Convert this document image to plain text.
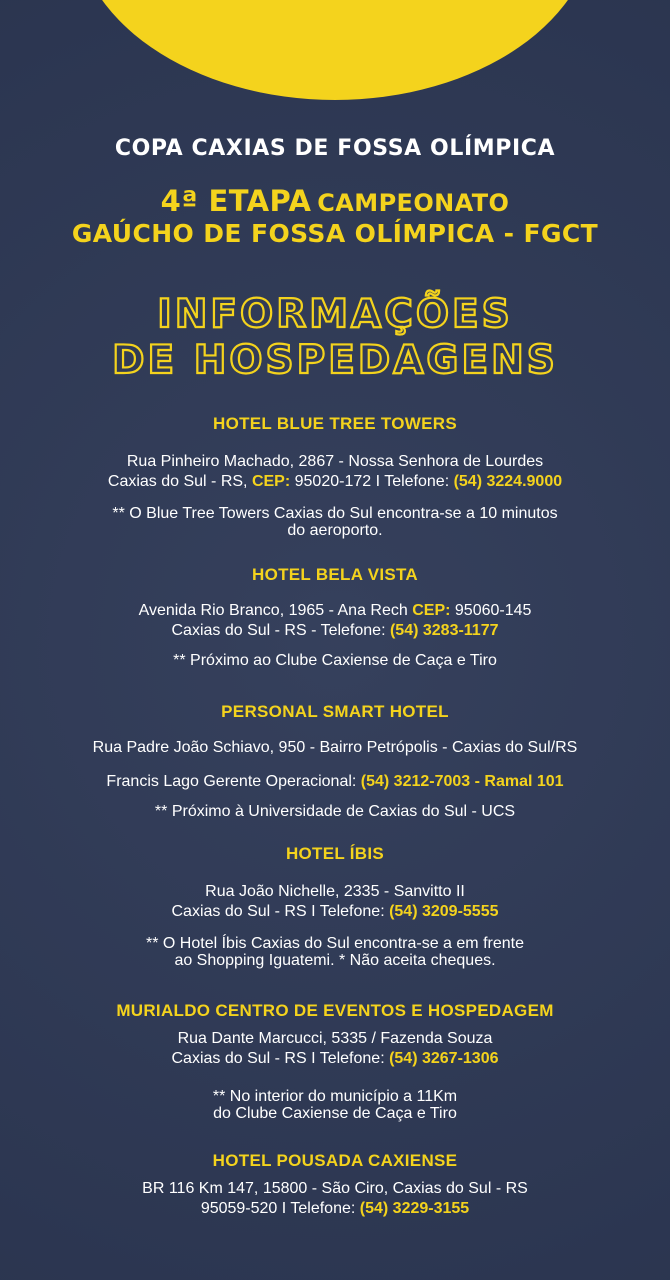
COPA CAXIAS DE FOSSA OLÍMPICA
4ª ETAPA CAMPEONATO
GAÚCHO DE FOSSA OLÍMPICA - FGCT
INFORMAÇÕES
DE HOSPEDAGENS
HOTEL BLUE TREE TOWERS
Rua Pinheiro Machado, 2867 - Nossa Senhora de Lourdes
Caxias do Sul - RS, CEP: 95020-172 I Telefone: (54) 3224.9000
** O Blue Tree Towers Caxias do Sul encontra-se a 10 minutos
do aeroporto.
HOTEL BELA VISTA
Avenida Rio Branco, 1965 - Ana Rech CEP: 95060-145
Caxias do Sul - RS - Telefone: (54) 3283-1177
** Próximo ao Clube Caxiense de Caça e Tiro
PERSONAL SMART HOTEL
Rua Padre João Schiavo, 950 - Bairro Petrópolis - Caxias do Sul/RS
Francis Lago Gerente Operacional: (54) 3212-7003 - Ramal 101
** Próximo à Universidade de Caxias do Sul - UCS
HOTEL ÍBIS
Rua João Nichelle, 2335 - Sanvitto II
Caxias do Sul - RS I Telefone: (54) 3209-5555
** O Hotel Íbis Caxias do Sul encontra-se a em frente
ao Shopping Iguatemi. * Não aceita cheques.
MURIALDO CENTRO DE EVENTOS E HOSPEDAGEM
Rua Dante Marcucci, 5335 / Fazenda Souza
Caxias do Sul - RS I Telefone: (54) 3267-1306
** No interior do município a 11Km
do Clube Caxiense de Caça e Tiro
HOTEL POUSADA CAXIENSE
BR 116 Km 147, 15800 - São Ciro, Caxias do Sul - RS
95059-520 I Telefone: (54) 3229-3155
